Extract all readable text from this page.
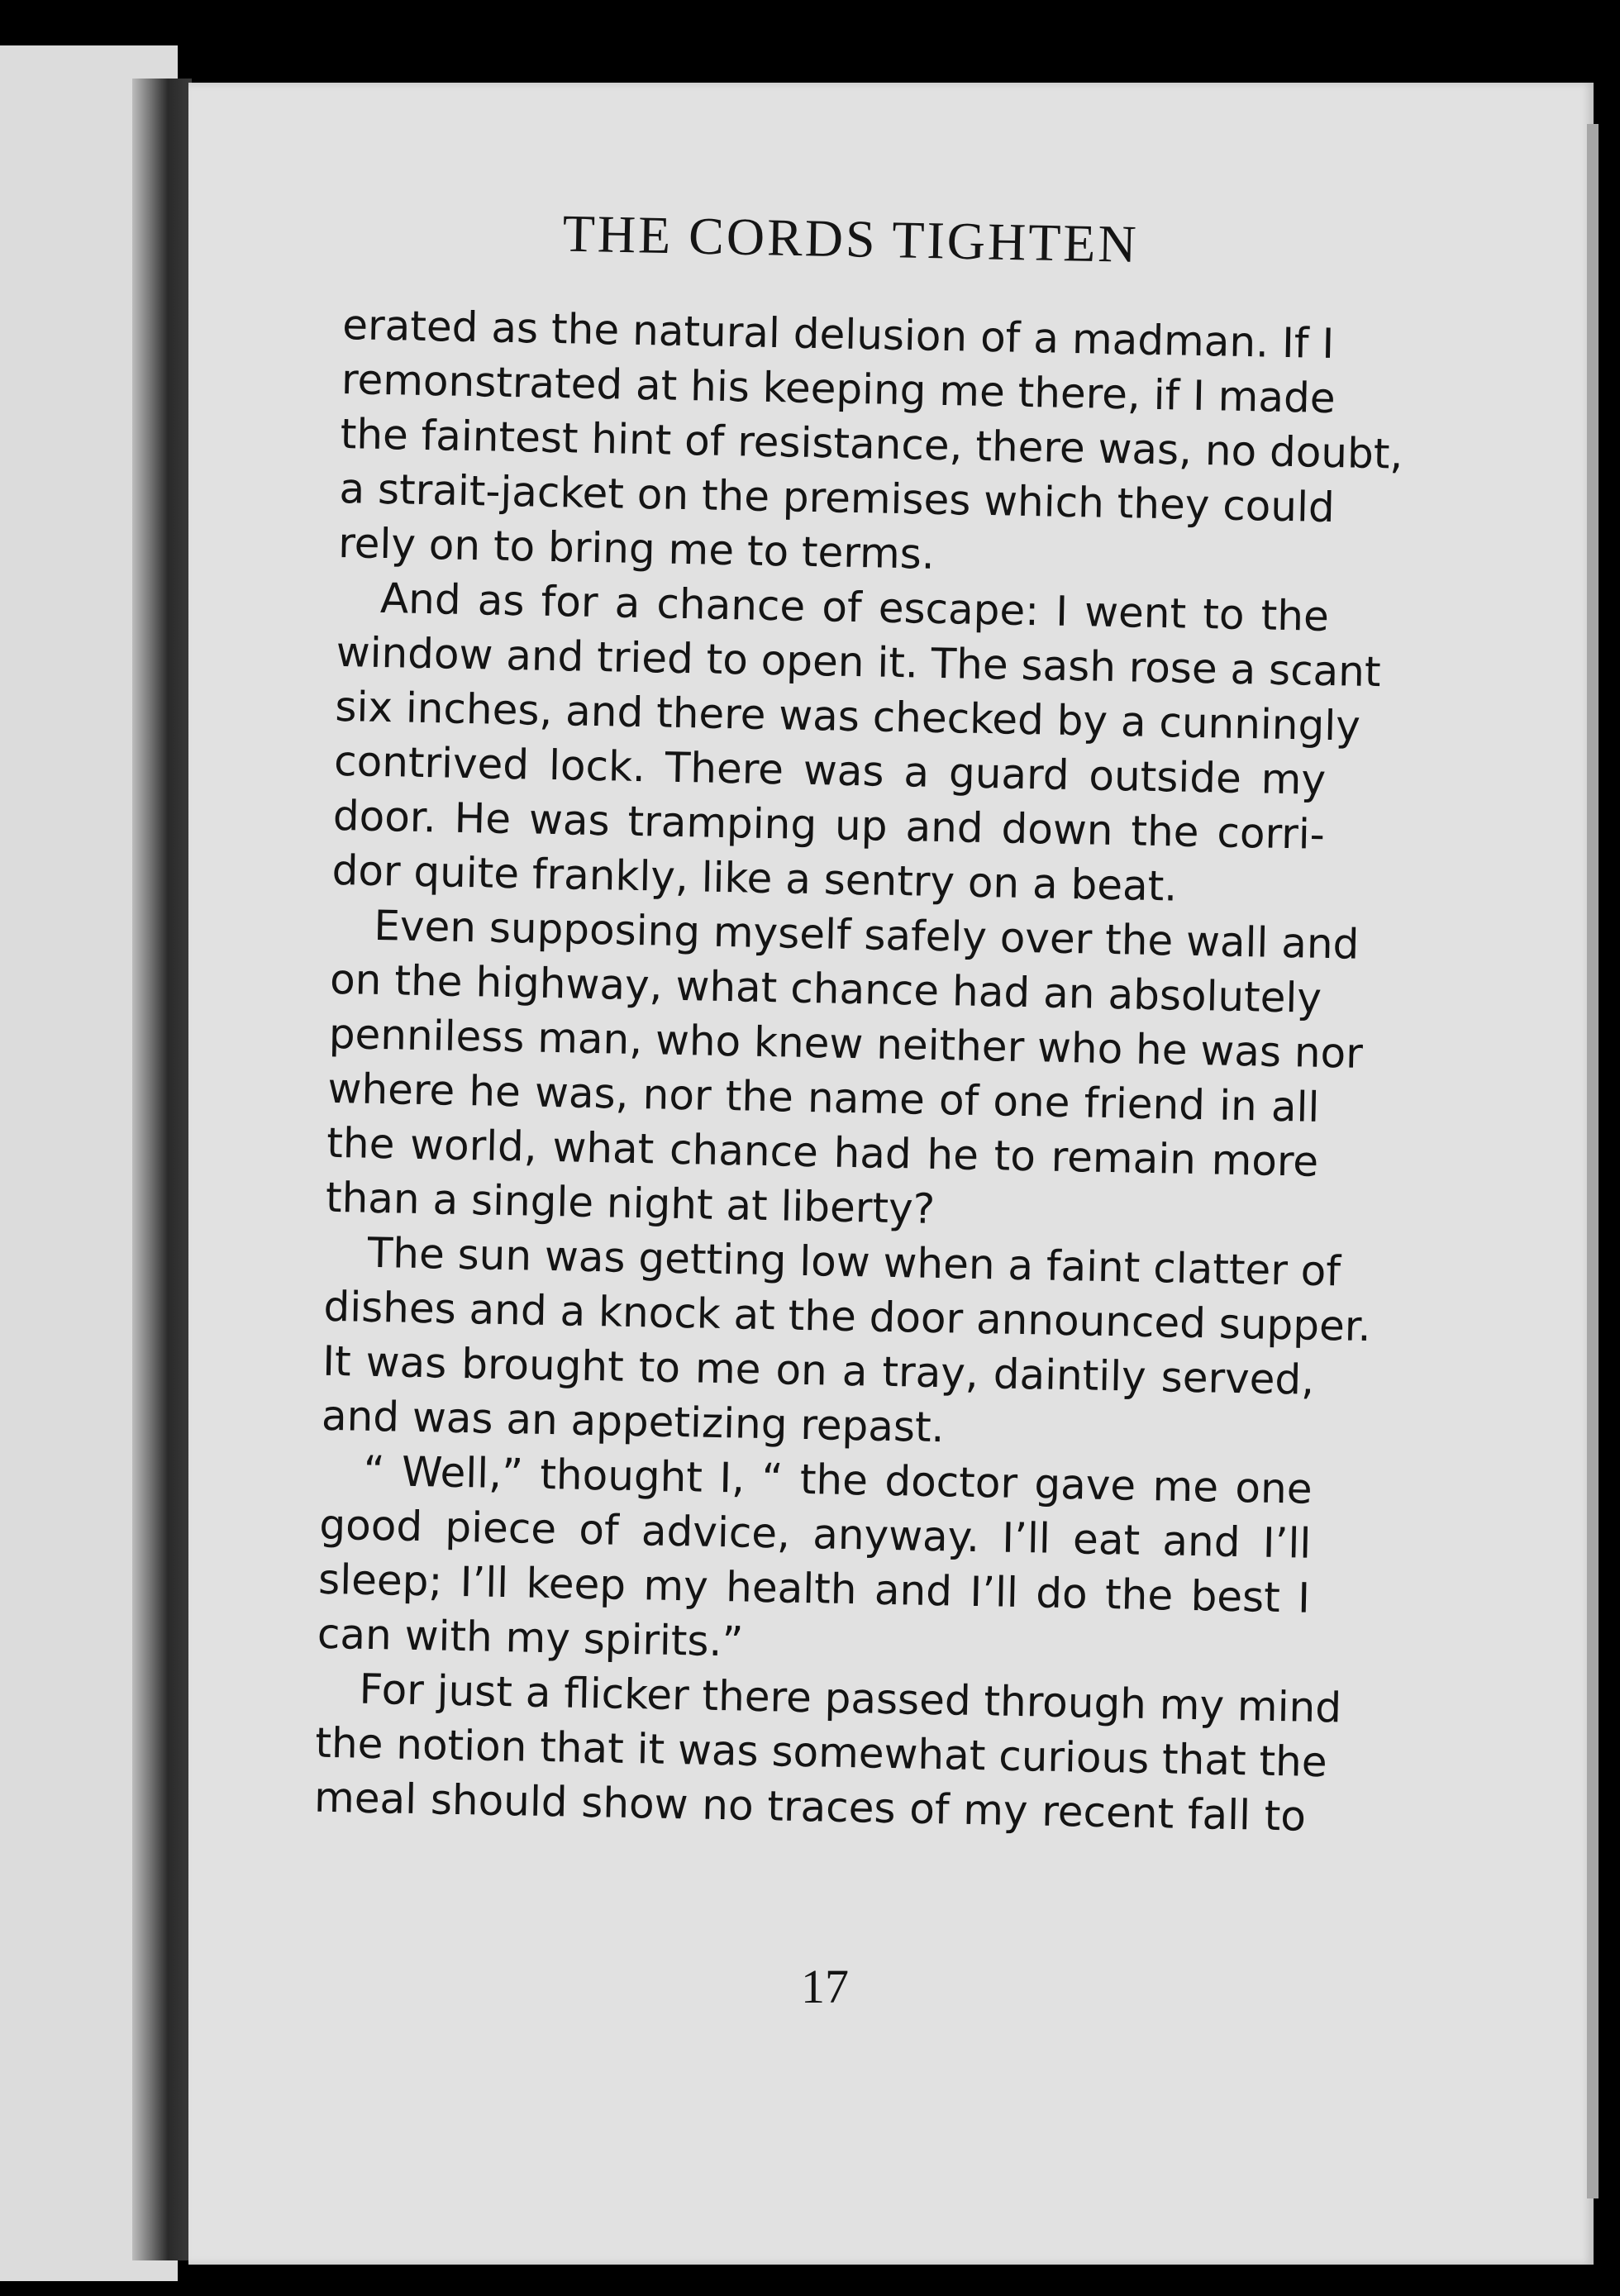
THE CORDS TIGHTEN
erated as the natural delusion of a madman. If I
remonstrated at his keeping me there, if I made
the faintest hint of resistance, there was, no doubt,
a strait-jacket on the premises which they could
rely on to bring me to terms.
And as for a chance of escape: I went to the
window and tried to open it. The sash rose a scant
six inches, and there was checked by a cunningly
contrived lock. There was a guard outside my
door. He was tramping up and down the corri-
dor quite frankly, like a sentry on a beat.
Even supposing myself safely over the wall and
on the highway, what chance had an absolutely
penniless man, who knew neither who he was nor
where he was, nor the name of one friend in all
the world, what chance had he to remain more
than a single night at liberty?
The sun was getting low when a faint clatter of
dishes and a knock at the door announced supper.
It was brought to me on a tray, daintily served,
and was an appetizing repast.
“ Well,” thought I, “ the doctor gave me one
good piece of advice, anyway. I’ll eat and I’ll
sleep; I’ll keep my health and I’ll do the best I
can with my spirits.”
For just a flicker there passed through my mind
the notion that it was somewhat curious that the
meal should show no traces of my recent fall to

17
